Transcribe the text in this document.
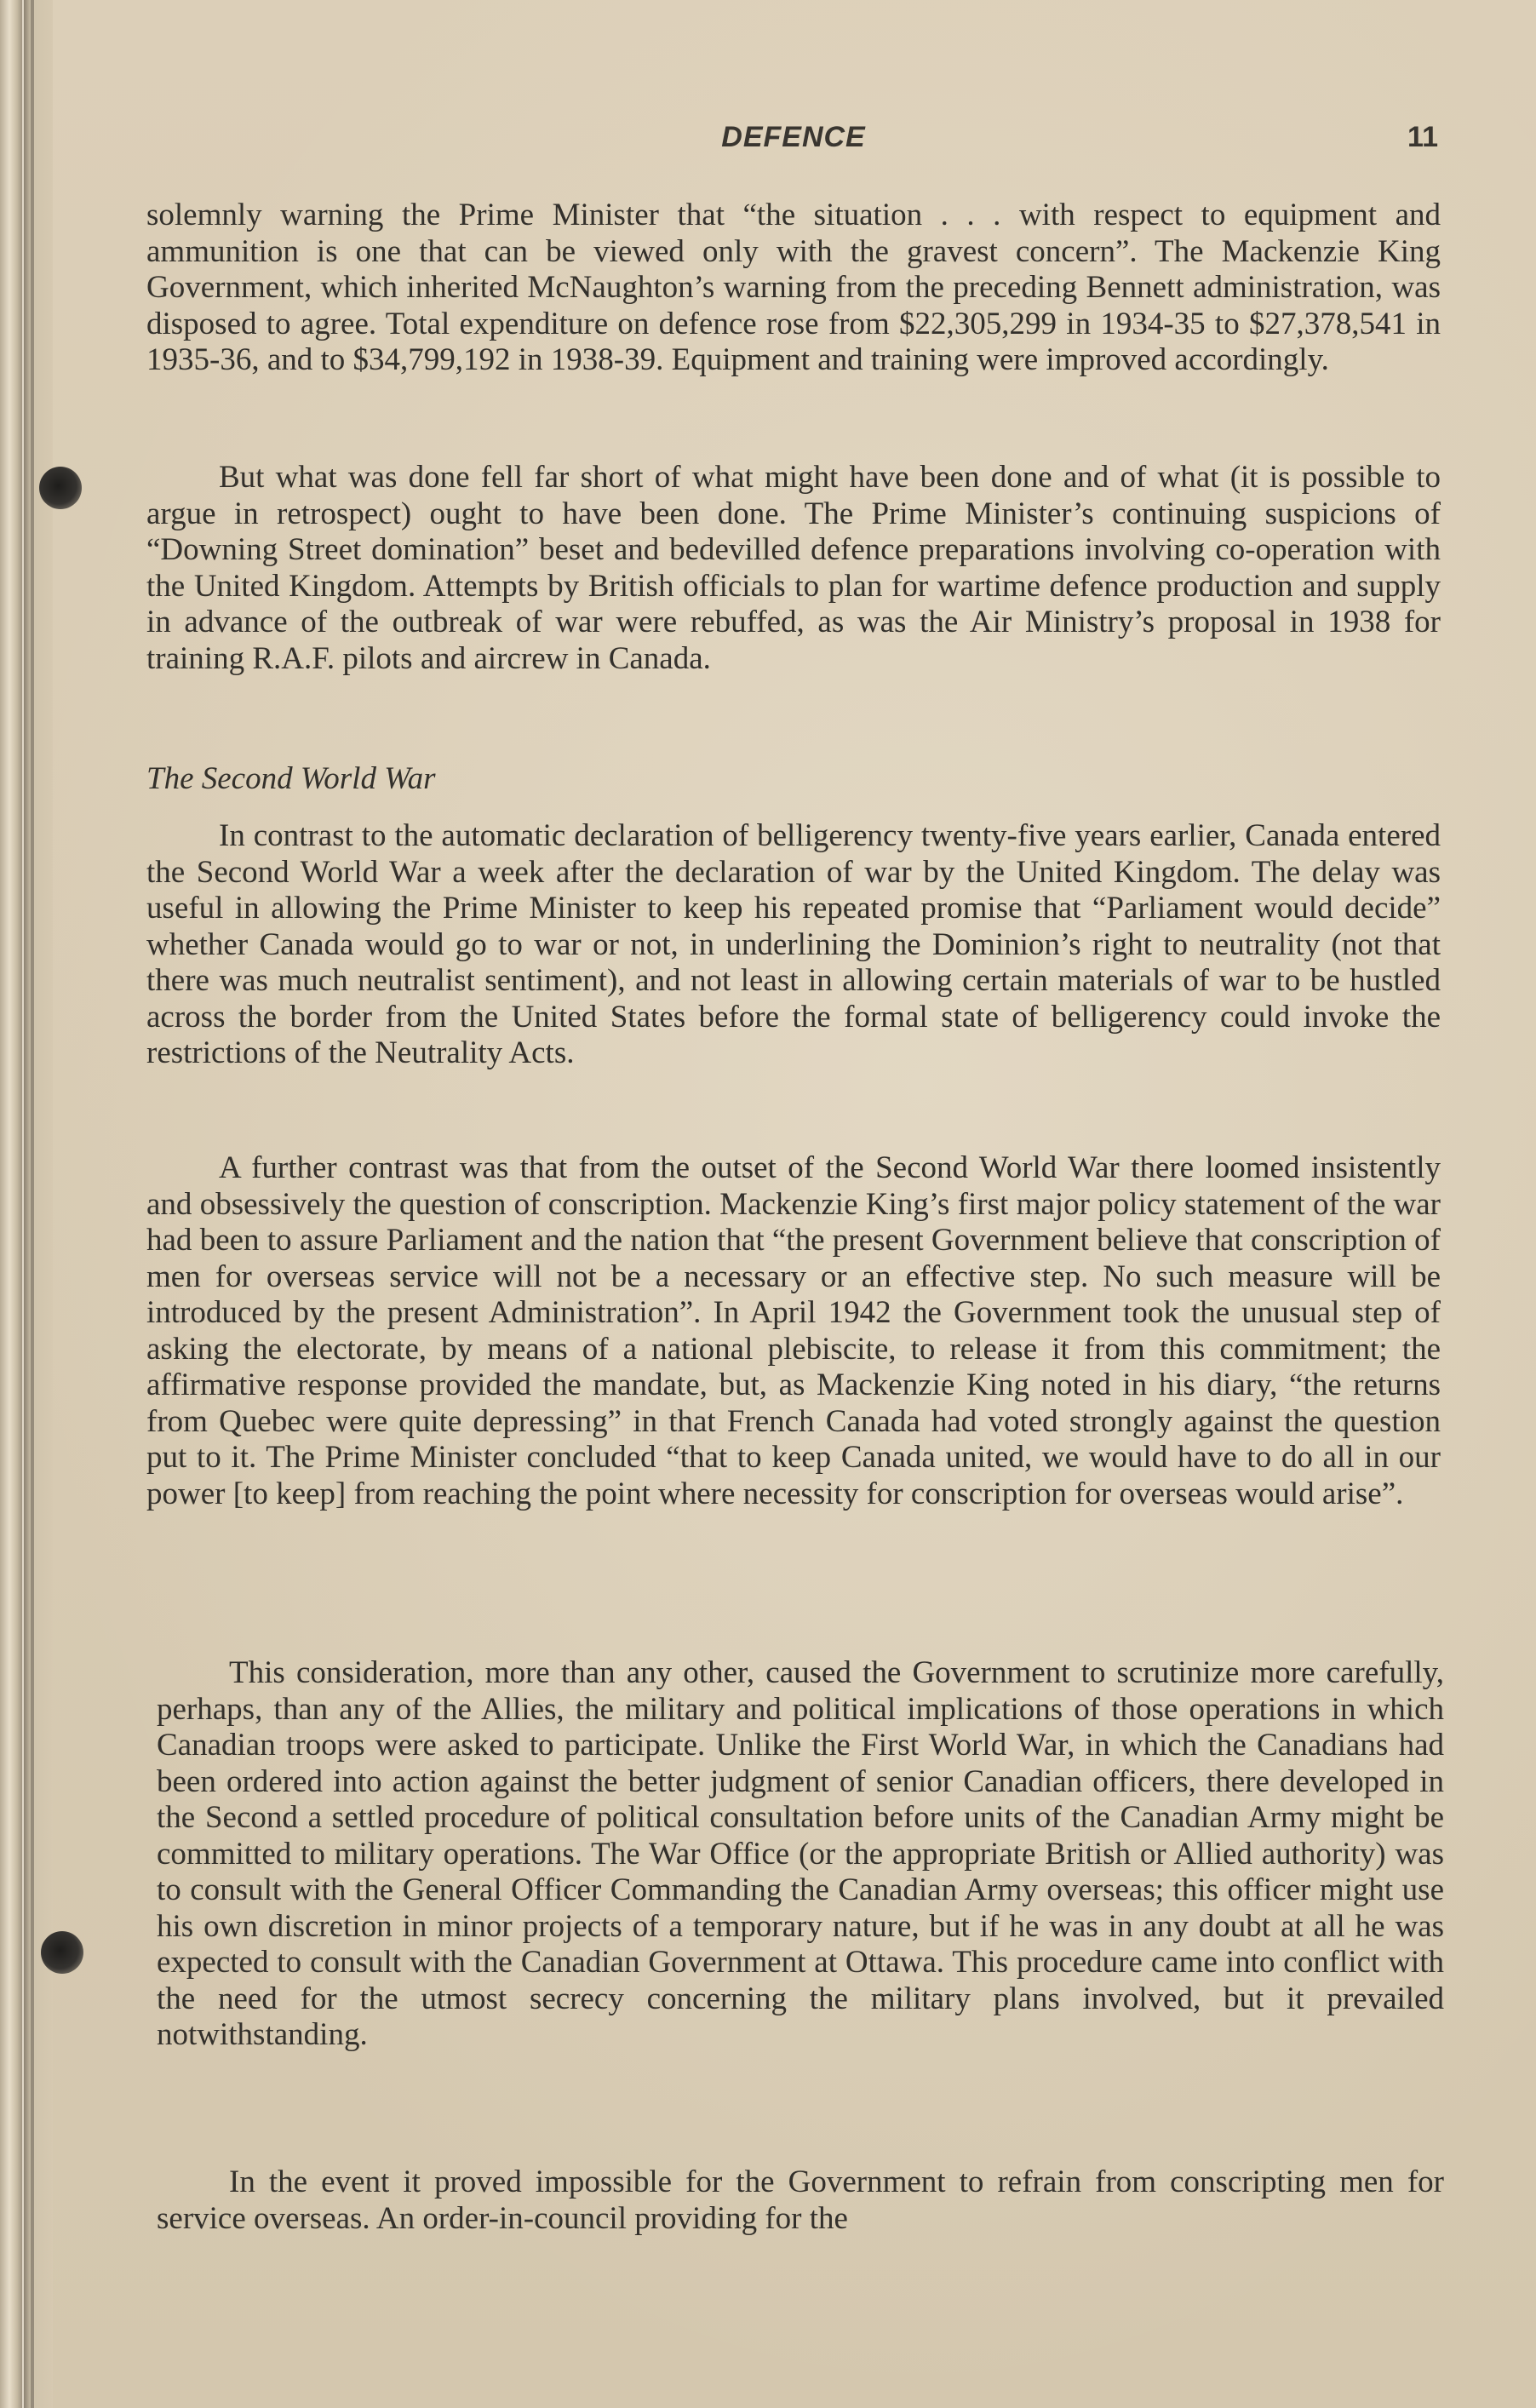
DEFENCE	11

solemnly warning the Prime Minister that “the situation . . . with respect to equipment and ammunition is one that can be viewed only with the gravest concern”. The Mackenzie King Government, which inherited McNaughton’s warning from the preceding Bennett administration, was disposed to agree. Total expenditure on defence rose from $22,305,299 in 1934-35 to $27,378,541 in 1935-36, and to $34,799,192 in 1938-39. Equipment and training were improved accordingly.

But what was done fell far short of what might have been done and of what (it is possible to argue in retrospect) ought to have been done. The Prime Minister’s continuing suspicions of “Downing Street domination” beset and bedevilled defence preparations involving co-operation with the United Kingdom. Attempts by British officials to plan for wartime defence production and supply in advance of the outbreak of war were rebuffed, as was the Air Ministry’s proposal in 1938 for training R.A.F. pilots and aircrew in Canada.

The Second World War

In contrast to the automatic declaration of belligerency twenty-five years earlier, Canada entered the Second World War a week after the declaration of war by the United Kingdom. The delay was useful in allowing the Prime Minister to keep his repeated promise that “Parliament would decide” whether Canada would go to war or not, in underlining the Dominion’s right to neutrality (not that there was much neutralist sentiment), and not least in allowing certain materials of war to be hustled across the border from the United States before the formal state of belligerency could invoke the restrictions of the Neutrality Acts.

A further contrast was that from the outset of the Second World War there loomed insistently and obsessively the question of conscription. Mackenzie King’s first major policy statement of the war had been to assure Parliament and the nation that “the present Government believe that conscription of men for overseas service will not be a necessary or an effective step. No such measure will be introduced by the present Administration”. In April 1942 the Government took the unusual step of asking the electorate, by means of a national plebiscite, to release it from this commitment; the affirmative response provided the mandate, but, as Mackenzie King noted in his diary, “the returns from Quebec were quite depressing” in that French Canada had voted strongly against the question put to it. The Prime Minister concluded “that to keep Canada united, we would have to do all in our power [to keep] from reaching the point where necessity for conscription for overseas would arise”.

This consideration, more than any other, caused the Government to scrutinize more carefully, perhaps, than any of the Allies, the military and political implications of those operations in which Canadian troops were asked to participate. Unlike the First World War, in which the Canadians had been ordered into action against the better judgment of senior Canadian officers, there developed in the Second a settled procedure of political consultation before units of the Canadian Army might be committed to military operations. The War Office (or the appropriate British or Allied authority) was to consult with the General Officer Commanding the Canadian Army overseas; this officer might use his own discretion in minor projects of a temporary nature, but if he was in any doubt at all he was expected to consult with the Canadian Government at Ottawa. This procedure came into conflict with the need for the utmost secrecy concerning the military plans involved, but it prevailed notwithstanding.

In the event it proved impossible for the Government to refrain from conscripting men for service overseas. An order-in-council providing for the
